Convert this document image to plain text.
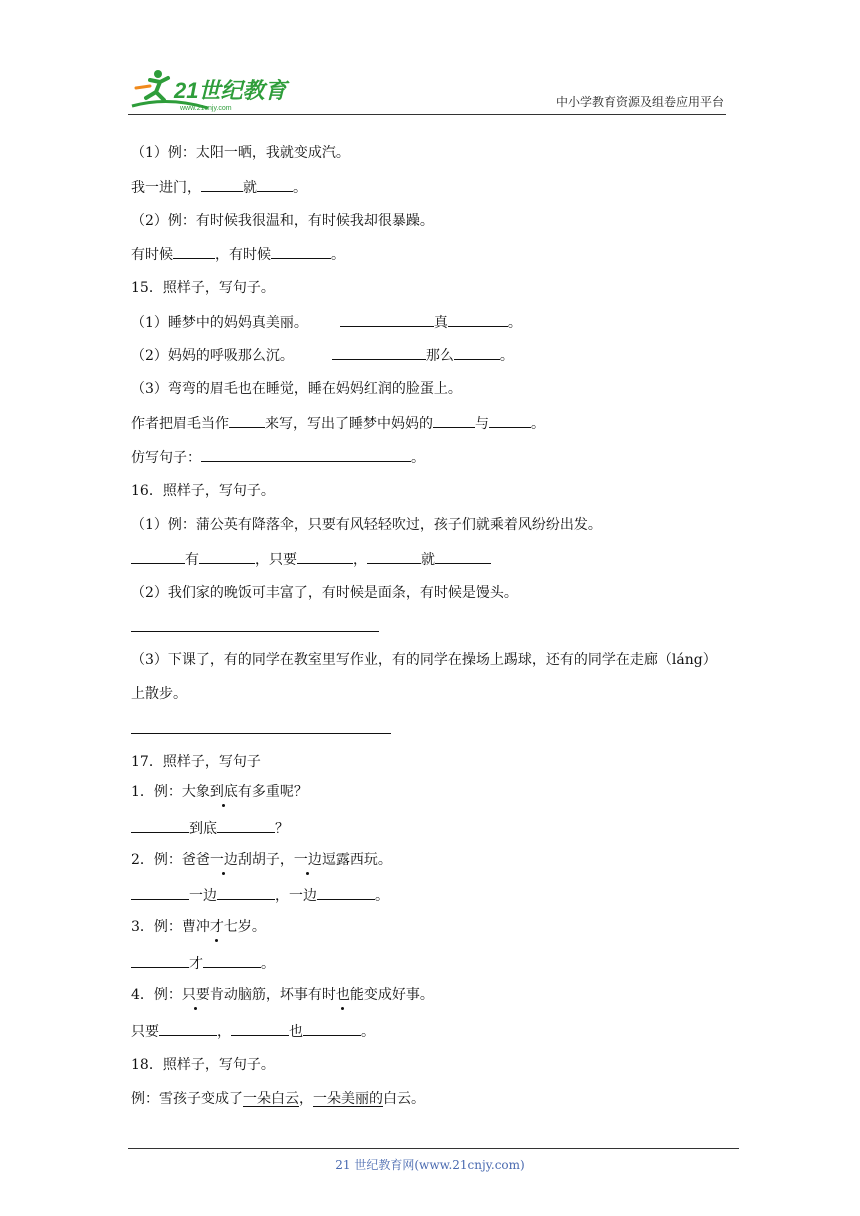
21世纪教育
www.21cnjy.com	中小学教育资源及组卷应用平台
（1）例：太阳一晒，我就变成汽。
我一进门，	就	。
（2）例：有时候我很温和，有时候我却很暴躁。
有时候	，有时候	。
15．照样子，写句子。
（1）睡梦中的妈妈真美丽。	真	。
（2）妈妈的呼吸那么沉。	那么	。
（3）弯弯的眉毛也在睡觉，睡在妈妈红润的脸蛋上。
作者把眉毛当作	来写，写出了睡梦中妈妈的	与	。
仿写句子：	。
16．照样子，写句子。
（1）例：蒲公英有降落伞，只要有风轻轻吹过，孩子们就乘着风纷纷出发。
有	，只要	，	就
（2）我们家的晚饭可丰富了，有时候是面条，有时候是馒头。
（3）下课了，有的同学在教室里写作业，有的同学在操场上踢球，还有的同学在走廊（láng）
上散步。
17．照样子，写句子
1．例：大象到底有多重呢？
到底	？
2．例：爸爸一边刮胡子，一边逗露西玩。
一边	，一边	。
3．例：曹冲才七岁。
才	。
4．例：只要肯动脑筋，坏事有时也能变成好事。
只要	，	也	。
18．照样子，写句子。
例：雪孩子变成了一朵白云，一朵美丽的白云。
21 世纪教育网(www.21cnjy.com)
